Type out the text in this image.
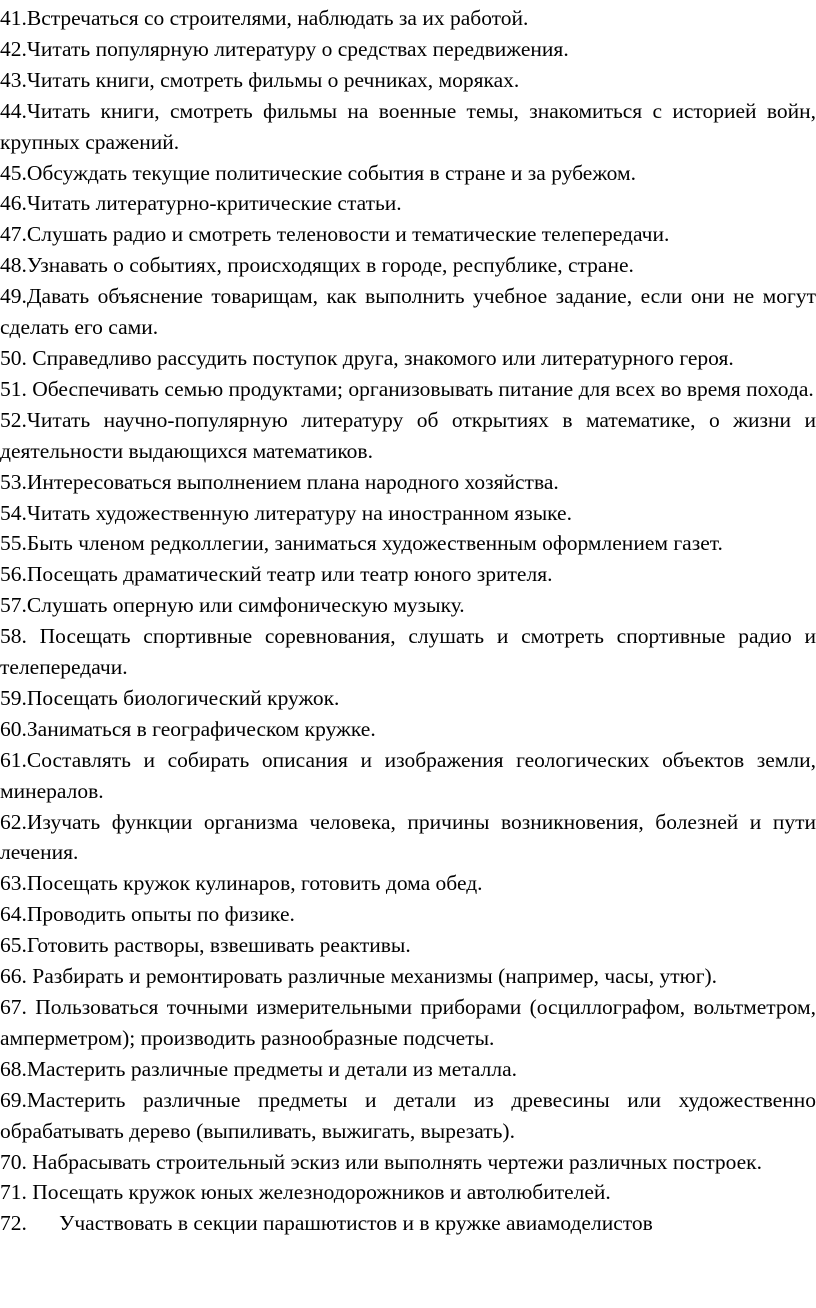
41.Встречаться со строителями, наблюдать за их работой.

42.Читать популярную литературу о средствах передвижения.

43.Читать книги, смотреть фильмы о речниках, моряках.

44.Читать книги, смотреть фильмы на военные темы, знакомиться с историей войн, крупных сражений.

45.Обсуждать текущие политические события в стране и за рубежом.

46.Читать литературно-критические статьи.

47.Слушать радио и смотреть теленовости и тематические телепередачи.

48.Узнавать о событиях, происходящих в городе, республике, стране.

49.Давать объяснение товарищам, как выполнить учебное задание, если они не могут сделать его сами.

50. Справедливо рассудить поступок друга, знакомого или литературного героя.

51. Обеспечивать семью продуктами; организовывать питание для всех во время похода.

52.Читать научно-популярную литературу об открытиях в математике, о жизни и деятельности выдающихся математиков.

53.Интересоваться выполнением плана народного хозяйства.

54.Читать художественную литературу на иностранном языке.

55.Быть членом редколлегии, заниматься художественным оформлением газет.

56.Посещать драматический театр или театр юного зрителя.

57.Слушать оперную или симфоническую музыку.

58. Посещать спортивные соревнования, слушать и смотреть спортивные радио и телепередачи.

59.Посещать биологический кружок.

60.Заниматься в географическом кружке.

61.Составлять и собирать описания и изображения геологических объектов земли, минералов.

62.Изучать функции организма человека, причины возникновения, болезней и пути лечения.

63.Посещать кружок кулинаров, готовить дома обед.

64.Проводить опыты по физике.

65.Готовить растворы, взвешивать реактивы.

66. Разбирать и ремонтировать различные механизмы (например, часы, утюг).

67. Пользоваться точными измерительными приборами (осциллографом, вольтметром, амперметром); производить разнообразные подсчеты.

68.Мастерить различные предметы и детали из металла.

69.Мастерить различные предметы и детали из древесины или художественно обрабатывать дерево (выпиливать, выжигать, вырезать).

70. Набрасывать строительный эскиз или выполнять чертежи различных построек.

71. Посещать кружок юных железнодорожников и автолюбителей.

72.      Участвовать в секции парашютистов и в кружке авиамоделистов
